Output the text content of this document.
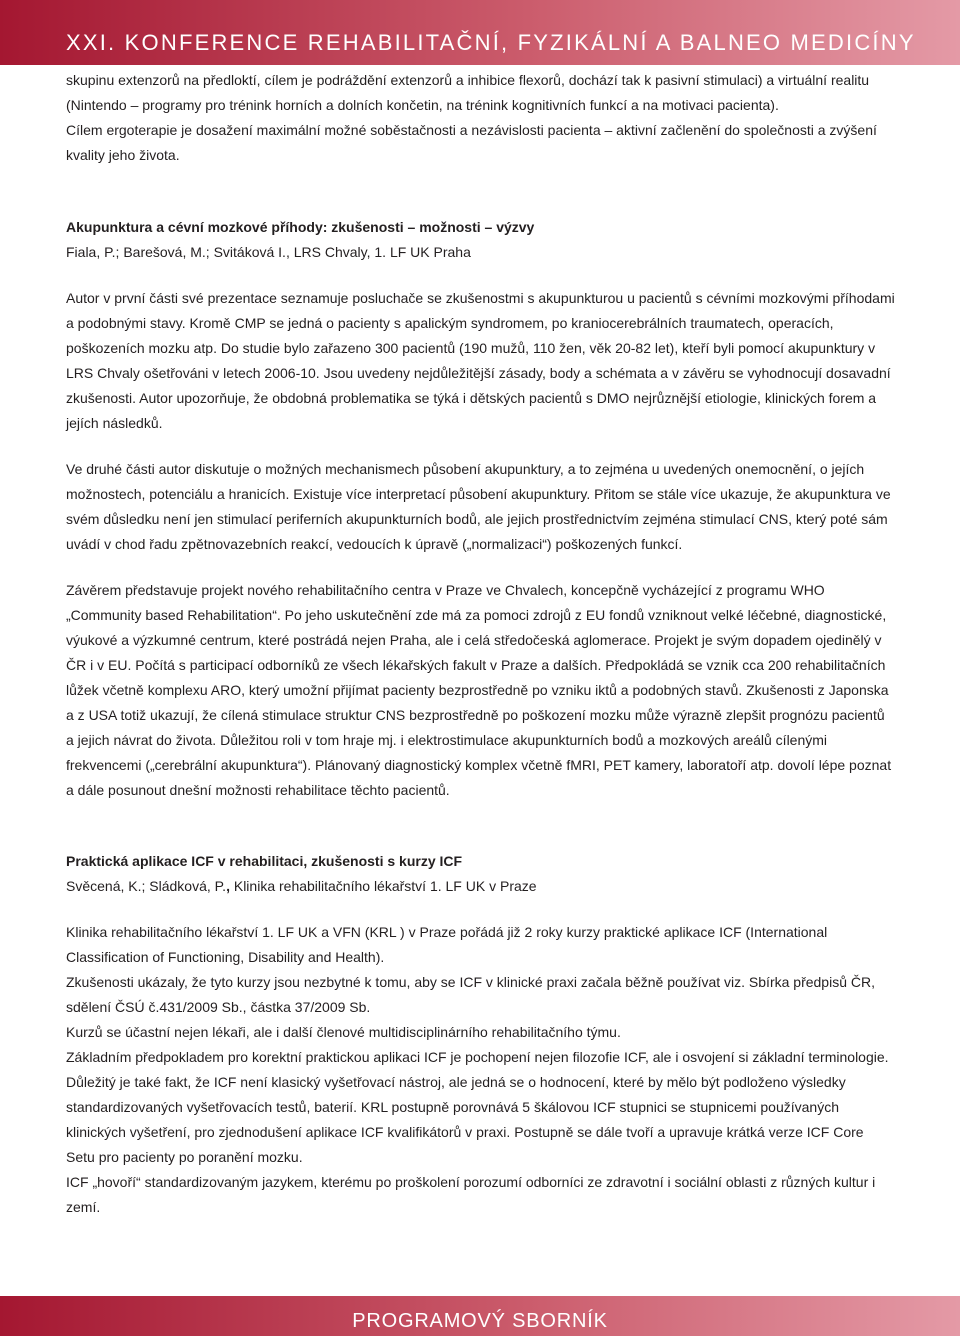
XXI. KONFERENCE REHABILITAČNÍ, FYZIKÁLNÍ A BALNEO MEDICÍNY

skupinu extenzorů na předloktí, cílem je podráždění extenzorů a inhibice flexorů, dochází tak k pasivní stimulaci) a virtuální realitu (Nintendo – programy pro trénink horních a dolních končetin, na trénink kognitivních funkcí a na motivaci pacienta).

Cílem ergoterapie je dosažení maximální možné soběstačnosti a nezávislosti pacienta – aktivní začlenění do společnosti a zvýšení kvality jeho života.

Akupunktura a cévní mozkové příhody: zkušenosti – možnosti – výzvy

Fiala, P.; Barešová, M.; Svitáková I., LRS Chvaly, 1. LF UK Praha

Autor v první části své prezentace seznamuje posluchače se zkušenostmi s akupunkturou u pacientů s cévními mozkovými příhodami a podobnými stavy. Kromě CMP se jedná o pacienty s apalickým syndromem, po kraniocerebrálních traumatech, operacích, poškozeních mozku atp. Do studie bylo zařazeno 300 pacientů (190 mužů, 110 žen, věk 20-82 let), kteří byli pomocí akupunktury v LRS Chvaly ošetřováni v letech 2006-10. Jsou uvedeny nejdůležitější zásady, body a schémata a v závěru se vyhodnocují dosavadní zkušenosti. Autor upozorňuje, že obdobná problematika se týká i dětských pacientů s DMO nejrůznější etiologie, klinických forem a jejích následků.

Ve druhé části autor diskutuje o možných mechanismech působení akupunktury, a to zejména u uvedených onemocnění, o jejích možnostech, potenciálu a hranicích. Existuje více interpretací působení akupunktury. Přitom se stále více ukazuje, že akupunktura ve svém důsledku není jen stimulací periferních akupunkturních bodů, ale jejich prostřednictvím zejména stimulací CNS, který poté sám uvádí v chod řadu zpětnovazebních reakcí, vedoucích k úpravě („normalizaci“) poškozených funkcí.

Závěrem představuje projekt nového rehabilitačního centra v Praze ve Chvalech, koncepčně vycházející z programu WHO „Community based Rehabilitation“. Po jeho uskutečnění zde má za pomoci zdrojů z EU fondů vzniknout velké léčebné, diagnostické, výukové a výzkumné centrum, které postrádá nejen Praha, ale i celá středočeská aglomerace. Projekt je svým dopadem ojedinělý v ČR i v EU. Počítá s participací odborníků ze všech lékařských fakult v Praze a dalších. Předpokládá se vznik cca 200 rehabilitačních lůžek včetně komplexu ARO, který umožní přijímat pacienty bezprostředně po vzniku iktů a podobných stavů. Zkušenosti z Japonska a z USA totiž ukazují, že cílená stimulace struktur CNS bezprostředně po poškození mozku může výrazně zlepšit prognózu pacientů a jejich návrat do života. Důležitou roli v tom hraje mj. i elektrostimulace akupunkturních bodů a mozkových areálů cílenými frekvencemi („cerebrální akupunktura“). Plánovaný diagnostický komplex včetně fMRI, PET kamery, laboratoří atp. dovolí lépe poznat a dále posunout dnešní možnosti rehabilitace těchto pacientů.

Praktická aplikace ICF v rehabilitaci, zkušenosti s kurzy ICF

Svěcená, K.; Sládková, P., Klinika rehabilitačního lékařství 1. LF UK v Praze

Klinika rehabilitačního lékařství 1. LF UK a VFN (KRL ) v Praze pořádá již 2 roky kurzy praktické aplikace ICF (International Classification of Functioning, Disability and Health).

Zkušenosti ukázaly, že tyto kurzy jsou nezbytné k tomu, aby se ICF v klinické praxi začala běžně používat viz. Sbírka předpisů ČR, sdělení ČSÚ č.431/2009 Sb., částka 37/2009 Sb.

Kurzů se účastní nejen lékaři, ale i další členové multidisciplinárního rehabilitačního týmu.

Základním předpokladem pro korektní praktickou aplikaci ICF je pochopení nejen filozofie ICF, ale i osvojení si základní terminologie. Důležitý je také fakt, že ICF není klasický vyšetřovací nástroj, ale jedná se o hodnocení, které by mělo být podloženo výsledky standardizovaných vyšetřovacích testů, baterií. KRL postupně porovnává 5 škálovou ICF stupnici se stupnicemi používaných klinických vyšetření, pro zjednodušení aplikace ICF kvalifikátorů v praxi. Postupně se dále tvoří a upravuje krátká verze ICF Core Setu pro pacienty po poranění mozku.

ICF „hovoří“ standardizovaným jazykem, kterému po proškolení porozumí odborníci ze zdravotní i sociální oblasti z různých kultur i zemí.

PROGRAMOVÝ SBORNÍK
